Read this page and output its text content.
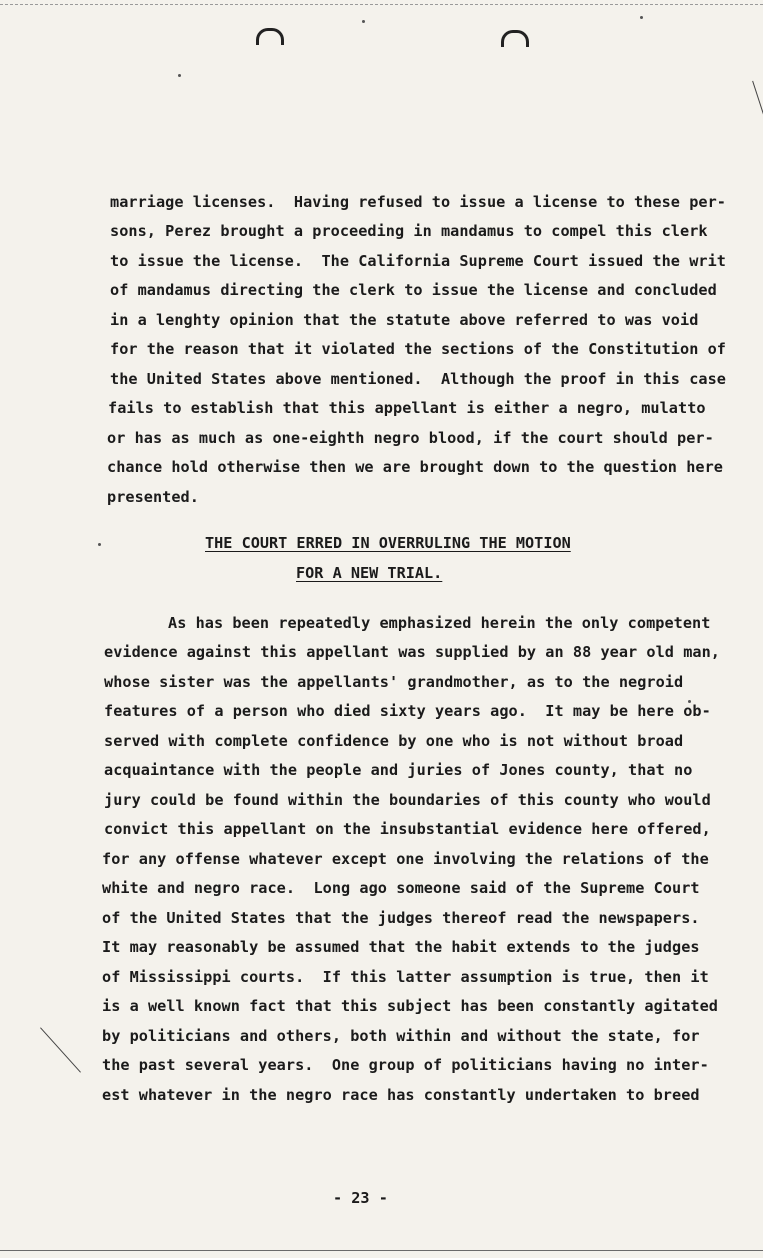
marriage licenses.  Having refused to issue a license to these per-
sons, Perez brought a proceeding in mandamus to compel this clerk
to issue the license.  The California Supreme Court issued the writ
of mandamus directing the clerk to issue the license and concluded
in a lenghty opinion that the statute above referred to was void
for the reason that it violated the sections of the Constitution of
the United States above mentioned.  Although the proof in this case
fails to establish that this appellant is either a negro, mulatto
or has as much as one-eighth negro blood, if the court should per-
chance hold otherwise then we are brought down to the question here
presented.
THE COURT ERRED IN OVERRULING THE MOTION
FOR A NEW TRIAL.
As has been repeatedly emphasized herein the only competent
evidence against this appellant was supplied by an 88 year old man,
whose sister was the appellants' grandmother, as to the negroid
features of a person who died sixty years ago.  It may be here ob-
served with complete confidence by one who is not without broad
acquaintance with the people and juries of Jones county, that no
jury could be found within the boundaries of this county who would
convict this appellant on the insubstantial evidence here offered,
for any offense whatever except one involving the relations of the
white and negro race.  Long ago someone said of the Supreme Court
of the United States that the judges thereof read the newspapers.
It may reasonably be assumed that the habit extends to the judges
of Mississippi courts.  If this latter assumption is true, then it
is a well known fact that this subject has been constantly agitated
by politicians and others, both within and without the state, for
the past several years.  One group of politicians having no inter-
est whatever in the negro race has constantly undertaken to breed
- 23 -
